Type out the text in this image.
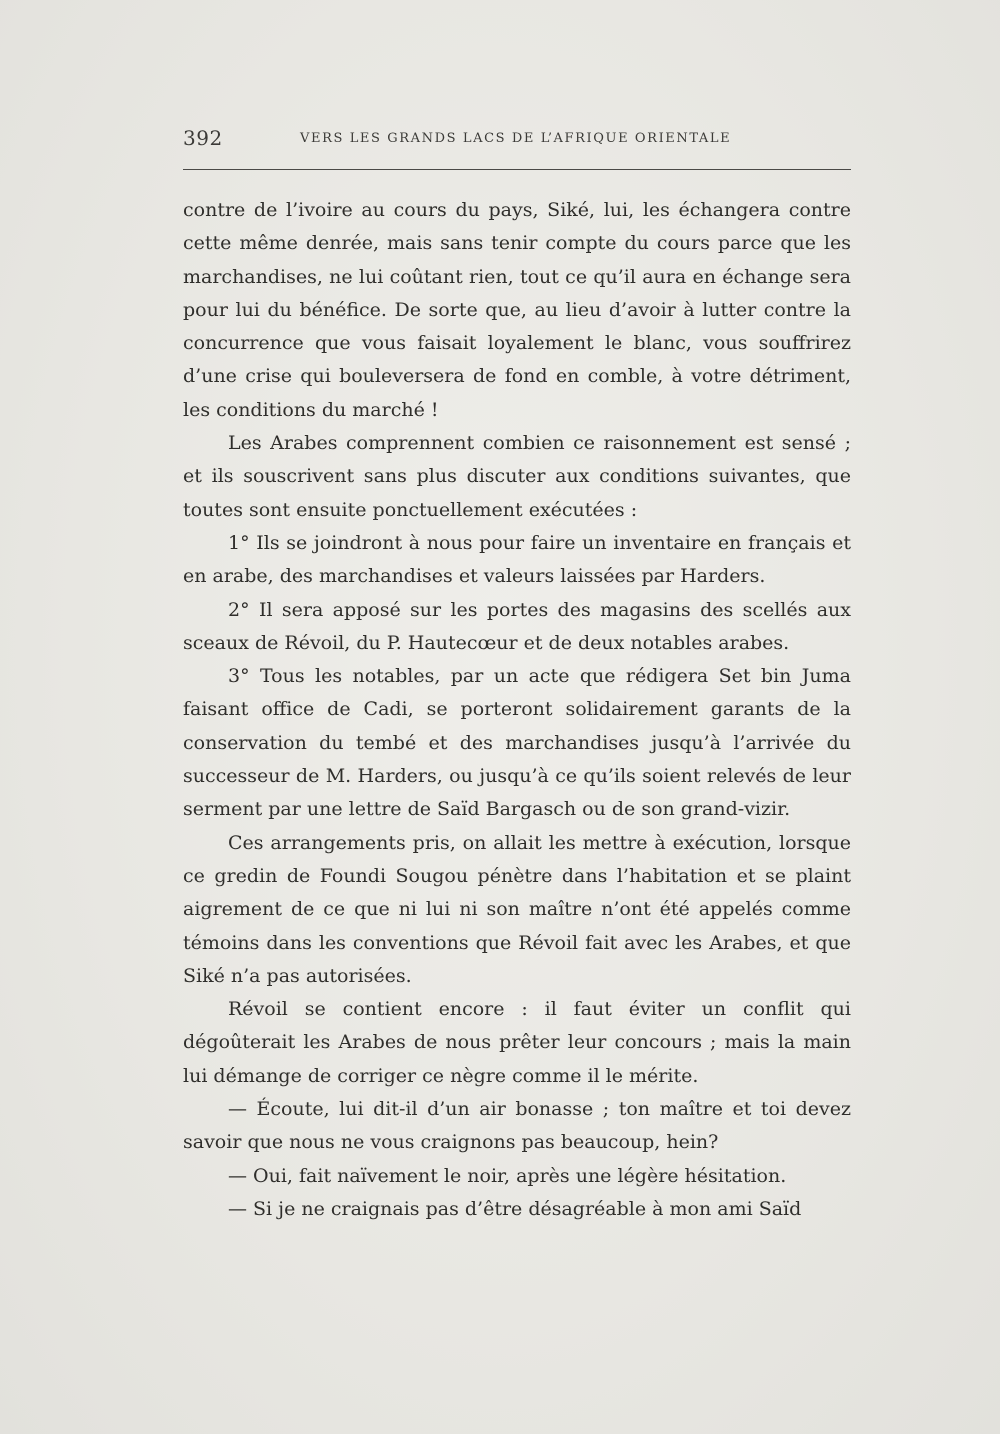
392	VERS LES GRANDS LACS DE L’AFRIQUE ORIENTALE

contre de l’ivoire au cours du pays, Siké, lui, les échangera contre cette même denrée, mais sans tenir compte du cours parce que les marchandises, ne lui coûtant rien, tout ce qu’il aura en échange sera pour lui du bénéfice. De sorte que, au lieu d’avoir à lutter contre la concurrence que vous faisait loyalement le blanc, vous souffrirez d’une crise qui bouleversera de fond en comble, à votre détriment, les conditions du marché !

Les Arabes comprennent combien ce raisonnement est sensé ; et ils souscrivent sans plus discuter aux conditions suivantes, que toutes sont ensuite ponctuellement exécutées :

1° Ils se joindront à nous pour faire un inventaire en français et en arabe, des marchandises et valeurs laissées par Harders.

2° Il sera apposé sur les portes des magasins des scellés aux sceaux de Révoil, du P. Hautecœur et de deux notables arabes.

3° Tous les notables, par un acte que rédigera Set bin Juma faisant office de Cadi, se porteront solidairement garants de la conservation du tembé et des marchandises jusqu’à l’arrivée du successeur de M. Harders, ou jusqu’à ce qu’ils soient relevés de leur serment par une lettre de Saïd Bargasch ou de son grand-vizir.

Ces arrangements pris, on allait les mettre à exécution, lorsque ce gredin de Foundi Sougou pénètre dans l’habitation et se plaint aigrement de ce que ni lui ni son maître n’ont été appelés comme témoins dans les conventions que Révoil fait avec les Arabes, et que Siké n’a pas autorisées.

Révoil se contient encore : il faut éviter un conflit qui dégoûterait les Arabes de nous prêter leur concours ; mais la main lui démange de corriger ce nègre comme il le mérite.

— Écoute, lui dit-il d’un air bonasse ; ton maître et toi devez savoir que nous ne vous craignons pas beaucoup, hein?

— Oui, fait naïvement le noir, après une légère hésitation.

— Si je ne craignais pas d’être désagréable à mon ami Saïd
